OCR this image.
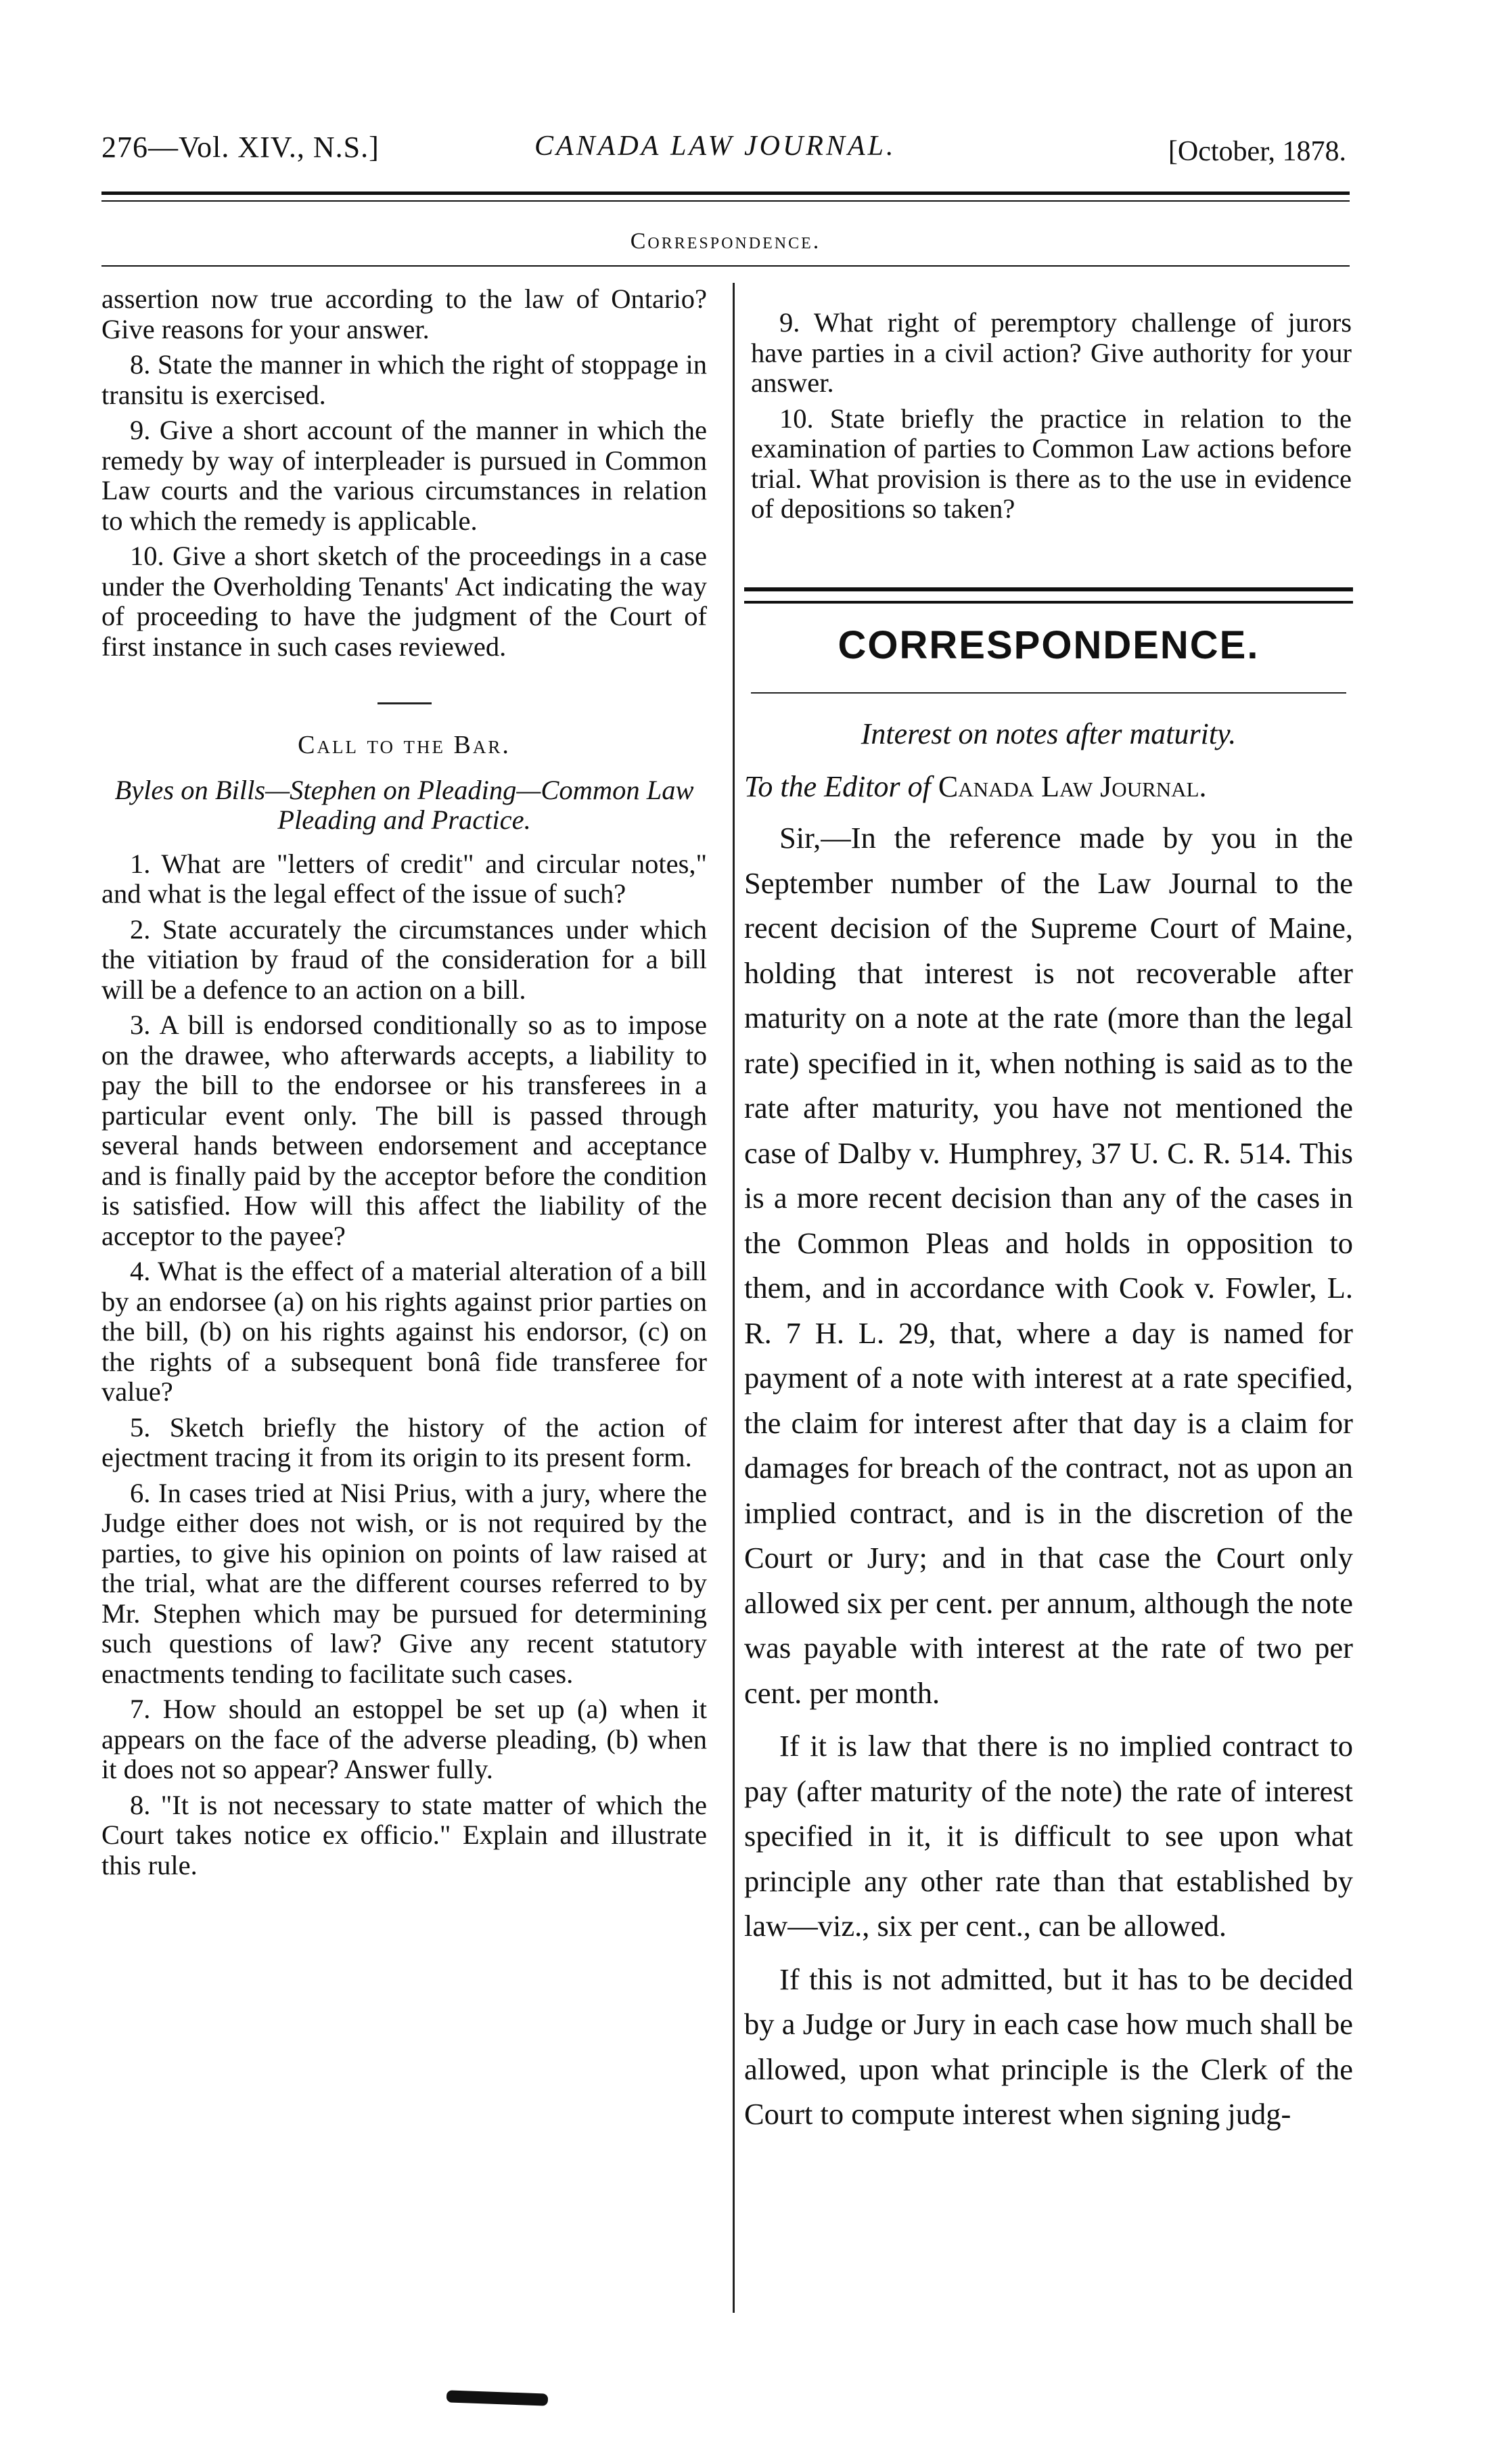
276—Vol. XIV., N.S.]	CANADA LAW JOURNAL.	[October, 1878.
Correspondence.

assertion now true according to the law of Ontario? Give reasons for your answer.

8. State the manner in which the right of stoppage in transitu is exercised.

9. Give a short account of the manner in which the remedy by way of interpleader is pursued in Common Law courts and the various circumstances in relation to which the remedy is applicable.

10. Give a short sketch of the proceedings in a case under the Overholding Tenants' Act indicating the way of proceeding to have the judgment of the Court of first instance in such cases reviewed.

Call to the Bar.

Byles on Bills—Stephen on Pleading—Common Law Pleading and Practice.

1. What are "letters of credit" and circular notes," and what is the legal effect of the issue of such?

2. State accurately the circumstances under which the vitiation by fraud of the consideration for a bill will be a defence to an action on a bill.

3. A bill is endorsed conditionally so as to impose on the drawee, who afterwards accepts, a liability to pay the bill to the endorsee or his transferees in a particular event only. The bill is passed through several hands between endorsement and acceptance and is finally paid by the acceptor before the condition is satisfied. How will this affect the liability of the acceptor to the payee?

4. What is the effect of a material alteration of a bill by an endorsee (a) on his rights against prior parties on the bill, (b) on his rights against his endorsor, (c) on the rights of a subsequent bonâ fide transferee for value?

5. Sketch briefly the history of the action of ejectment tracing it from its origin to its present form.

6. In cases tried at Nisi Prius, with a jury, where the Judge either does not wish, or is not required by the parties, to give his opinion on points of law raised at the trial, what are the different courses referred to by Mr. Stephen which may be pursued for determining such questions of law? Give any recent statutory enactments tending to facilitate such cases.

7. How should an estoppel be set up (a) when it appears on the face of the adverse pleading, (b) when it does not so appear? Answer fully.

8. "It is not necessary to state matter of which the Court takes notice ex officio." Explain and illustrate this rule.

9. What right of peremptory challenge of jurors have parties in a civil action? Give authority for your answer.

10. State briefly the practice in relation to the examination of parties to Common Law actions before trial. What provision is there as to the use in evidence of depositions so taken?

CORRESPONDENCE.

Interest on notes after maturity.

To the Editor of Canada Law Journal.

Sir,—In the reference made by you in the September number of the Law Journal to the recent decision of the Supreme Court of Maine, holding that interest is not recoverable after maturity on a note at the rate (more than the legal rate) specified in it, when nothing is said as to the rate after maturity, you have not mentioned the case of Dalby v. Humphrey, 37 U. C. R. 514. This is a more recent decision than any of the cases in the Common Pleas and holds in opposition to them, and in accordance with Cook v. Fowler, L. R. 7 H. L. 29, that, where a day is named for payment of a note with interest at a rate specified, the claim for interest after that day is a claim for damages for breach of the contract, not as upon an implied contract, and is in the discretion of the Court or Jury; and in that case the Court only allowed six per cent. per annum, although the note was payable with interest at the rate of two per cent. per month.

If it is law that there is no implied contract to pay (after maturity of the note) the rate of interest specified in it, it is difficult to see upon what principle any other rate than that established by law—viz., six per cent., can be allowed.

If this is not admitted, but it has to be decided by a Judge or Jury in each case how much shall be allowed, upon what principle is the Clerk of the Court to compute interest when signing judg-
